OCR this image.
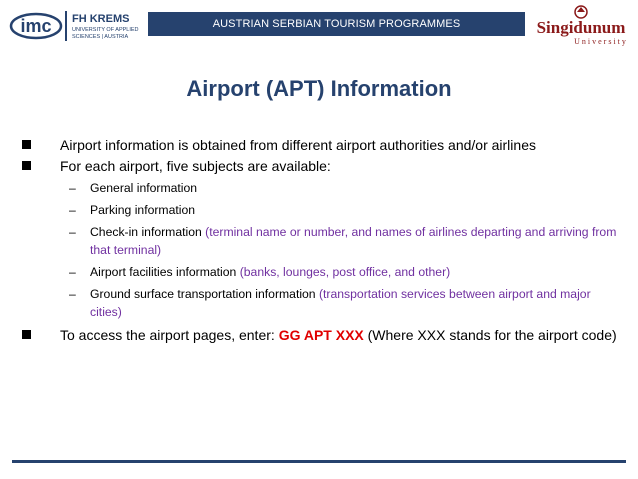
imc FH KREMS
UNIVERSITY OF APPLIED
SCIENCES | AUSTRIA
AUSTRIAN SERBIAN TOURISM PROGRAMMES	Singidunum
University
Airport (APT) Information
Airport information is obtained from different airport authorities and/or airlines
For each airport, five subjects are available:
– General information
– Parking information
– Check-in information (terminal name or number, and names of airlines departing and arriving from that terminal)
– Airport facilities information (banks, lounges, post office, and other)
– Ground surface transportation information (transportation services between airport and major cities)
To access the airport pages, enter: GG APT XXX (Where XXX stands for the airport code)
